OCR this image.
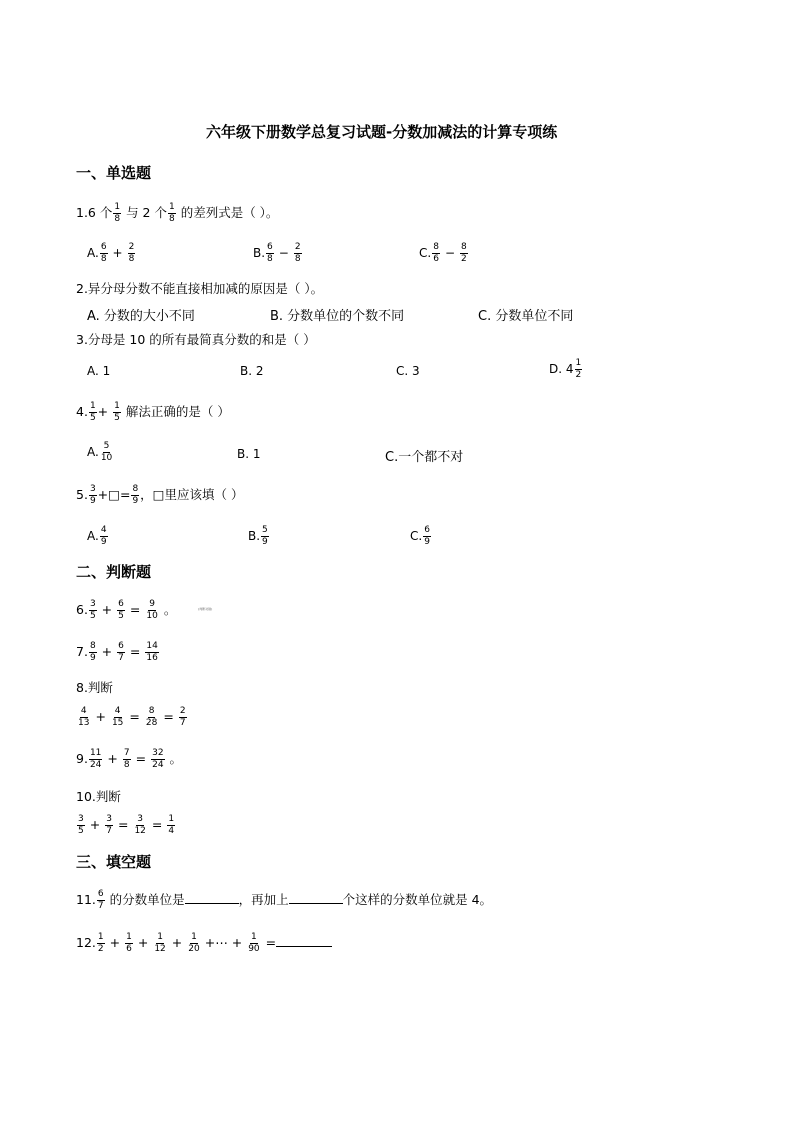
六年级下册数学总复习试题-分数加减法的计算专项练
一、单选题
1.6 个 $\frac{1}{8}$ 与 2 个 $\frac{1}{8}$ 的差列式是（ ）。
A. $\frac{6}{8} + \frac{2}{8}$	B. $\frac{6}{8} - \frac{2}{8}$	C. $\frac{8}{6} - \frac{8}{2}$
2.异分母分数不能直接相加减的原因是（ ）。
A. 分数的大小不同	B. 分数单位的个数不同	C. 分数单位不同
3.分母是 10 的所有最简真分数的和是（ ）
A. 1	B. 2	C. 3	D. $4 \frac{1}{2}$
4. $\frac{1}{5} + \frac{1}{5}$ 解法正确的是（ ）
A. $\frac{5}{10}$	B. 1	C.一个都不对
5. $\frac{3}{9}$ +□= $\frac{8}{9}$ ，□里应该填（ ）
A. $\frac{4}{9}$	B. $\frac{5}{9}$	C. $\frac{6}{9}$
二、判断题
6. $\frac{3}{5} + \frac{6}{5} = \frac{9}{10}$ 。	(判断对错)
7. $\frac{8}{9} + \frac{6}{7} = \frac{14}{16}$
8.判断
$\frac{4}{13} + \frac{4}{15} = \frac{8}{28} = \frac{2}{7}$
9. $\frac{11}{24} + \frac{7}{8} = \frac{32}{24}$ 。
10.判断
$\frac{3}{5} + \frac{3}{7} = \frac{3}{12} = \frac{1}{4}$
三、填空题
11. $\frac{6}{7}$ 的分数单位是	，再加上	个这样的分数单位就是 4。
12. $\frac{1}{2} + \frac{1}{6} + \frac{1}{12} + \frac{1}{20}$ +⋯ + $\frac{1}{90}$ =
